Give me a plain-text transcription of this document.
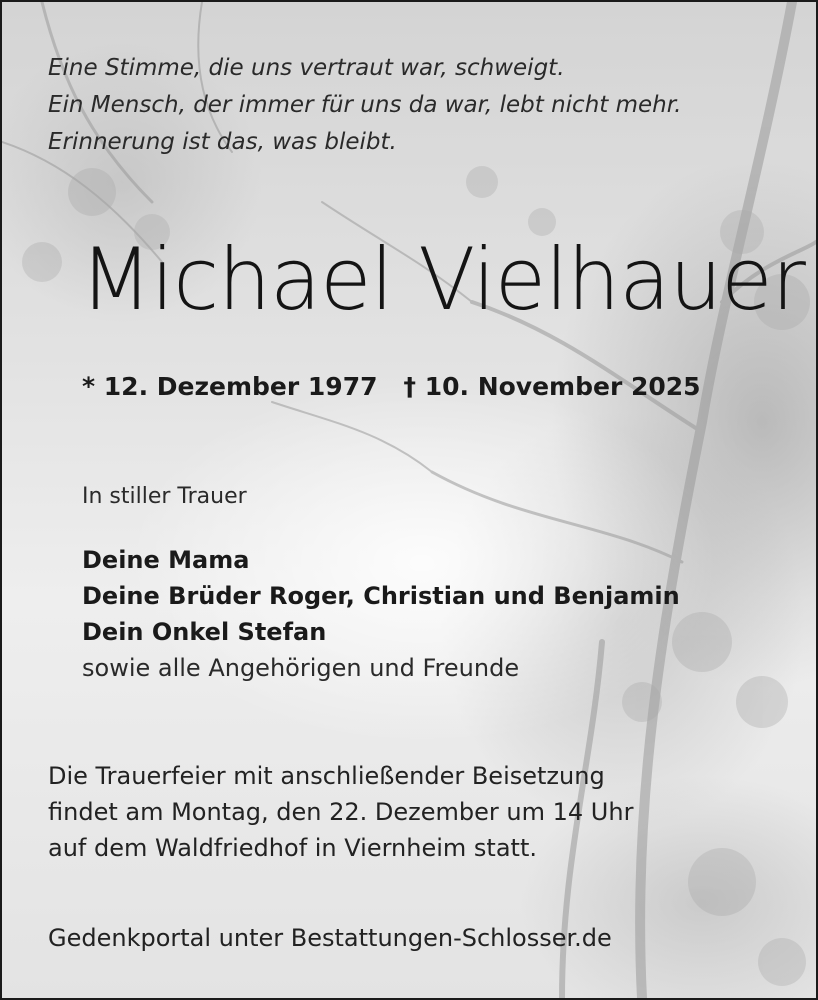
Eine Stimme, die uns vertraut war, schweigt.
Ein Mensch, der immer für uns da war, lebt nicht mehr.
Erinnerung ist das, was bleibt.
Michael Vielhauer
* 12. Dezember 1977 † 10. November 2025
In stiller Trauer
Deine Mama
Deine Brüder Roger, Christian und Benjamin
Dein Onkel Stefan
sowie alle Angehörigen und Freunde
Die Trauerfeier mit anschließender Beisetzung
findet am Montag, den 22. Dezember um 14 Uhr
auf dem Waldfriedhof in Viernheim statt.
Gedenkportal unter Bestattungen-Schlosser.de
